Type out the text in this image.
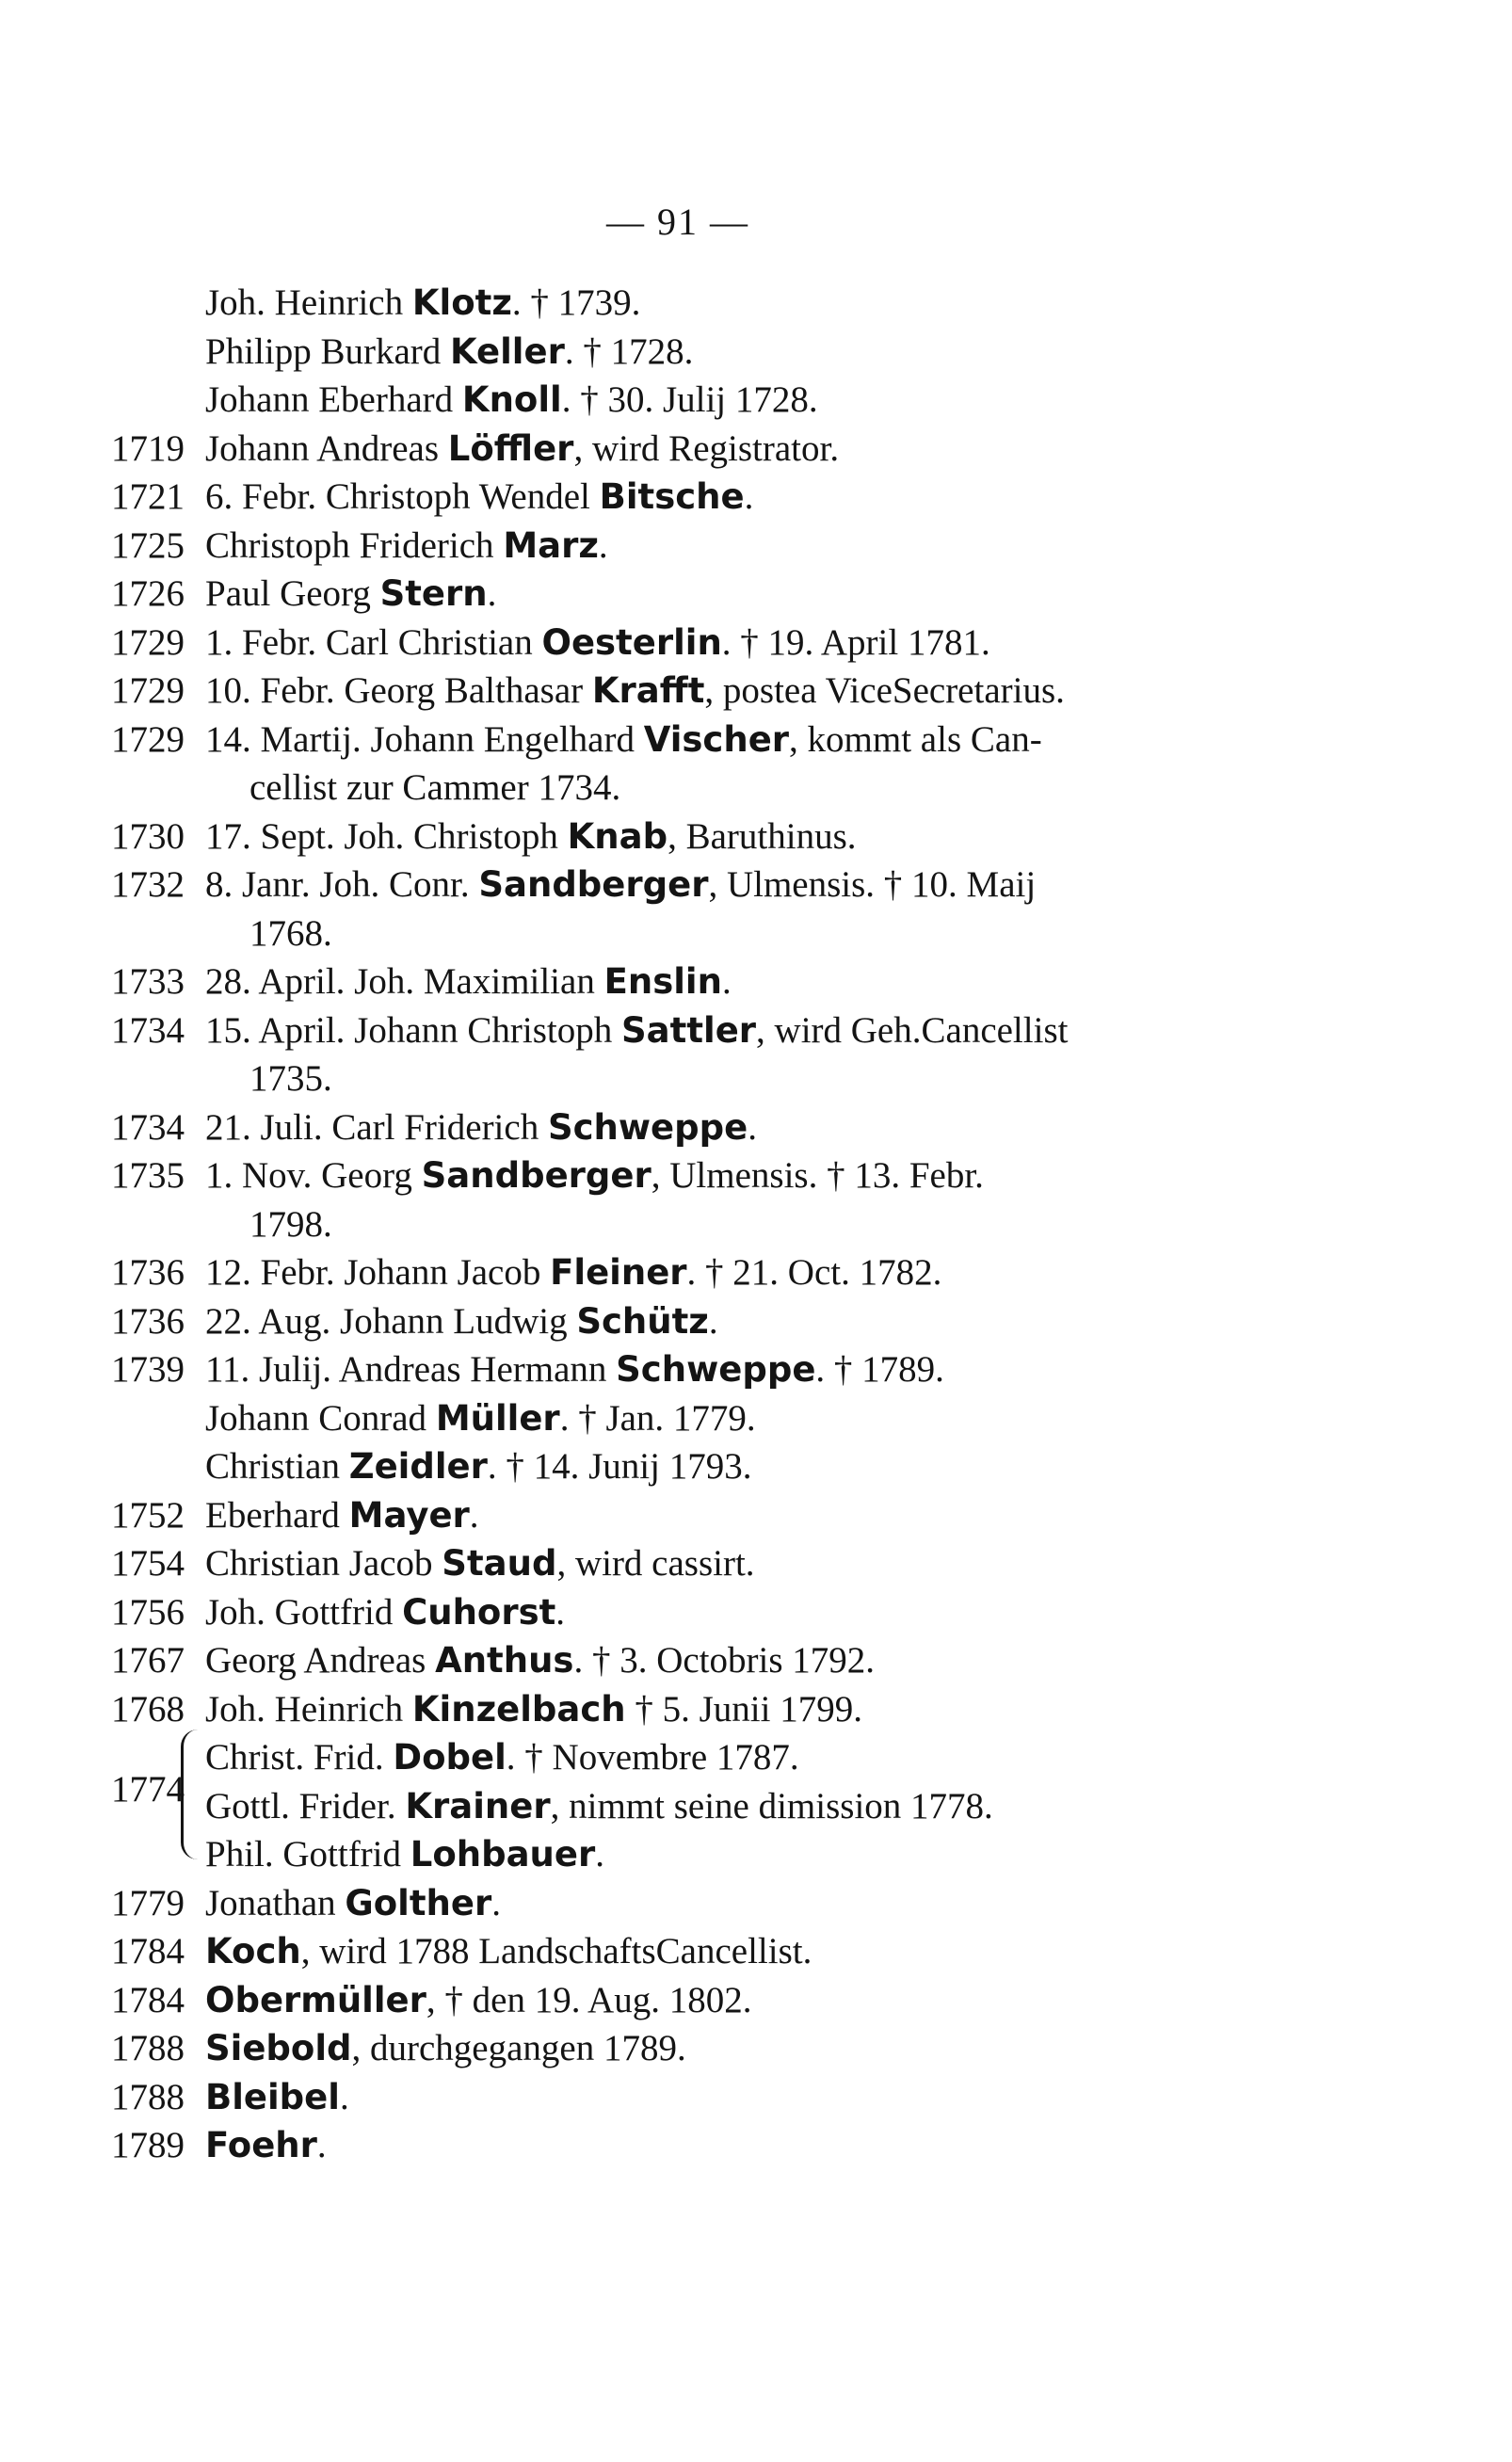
— 91 —
Joh. Heinrich Klotz. † 1739.
Philipp Burkard Keller. † 1728.
Johann Eberhard Knoll. † 30. Julij 1728.
1719 Johann Andreas Löffler, wird Registrator.
1721 6. Febr. Christoph Wendel Bitsche.
1725 Christoph Friderich Marz.
1726 Paul Georg Stern.
1729 1. Febr. Carl Christian Oesterlin. † 19. April 1781.
1729 10. Febr. Georg Balthasar Krafft, postea ViceSecretarius.
1729 14. Martij. Johann Engelhard Vischer, kommt als Can-
cellist zur Cammer 1734.
1730 17. Sept. Joh. Christoph Knab, Baruthinus.
1732 8. Janr. Joh. Conr. Sandberger, Ulmensis. † 10. Maij
1768.
1733 28. April. Joh. Maximilian Enslin.
1734 15. April. Johann Christoph Sattler, wird Geh.Cancellist
1735.
1734 21. Juli. Carl Friderich Schweppe.
1735 1. Nov. Georg Sandberger, Ulmensis. † 13. Febr.
1798.
1736 12. Febr. Johann Jacob Fleiner. † 21. Oct. 1782.
1736 22. Aug. Johann Ludwig Schütz.
1739 11. Julij. Andreas Hermann Schweppe. † 1789.
Johann Conrad Müller. † Jan. 1779.
Christian Zeidler. † 14. Junij 1793.
1752 Eberhard Mayer.
1754 Christian Jacob Staud, wird cassirt.
1756 Joh. Gottfrid Cuhorst.
1767 Georg Andreas Anthus. † 3. Octobris 1792.
1768 Joh. Heinrich Kinzelbach † 5. Junii 1799.
Christ. Frid. Dobel. † Novembre 1787.
Gottl. Frider. Krainer, nimmt seine dimission 1778.
Phil. Gottfrid Lohbauer.
1779 Jonathan Golther.
1784 Koch, wird 1788 LandschaftsCancellist.
1784 Obermüller, † den 19. Aug. 1802.
1788 Siebold, durchgegangen 1789.
1788 Bleibel.
1789 Foehr.
1774
